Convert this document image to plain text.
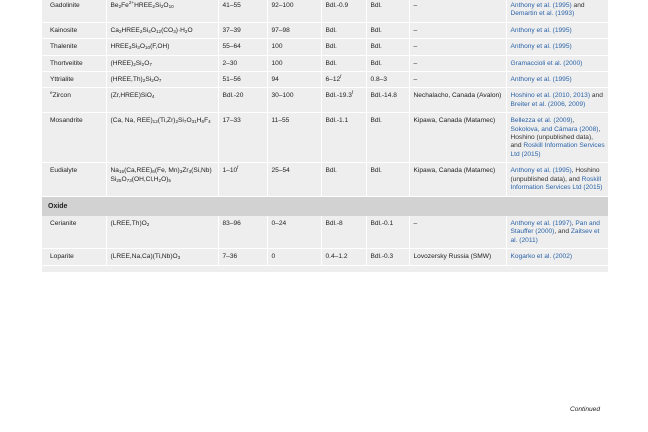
Gadolinite	$Be_2Fe^{2+}HREE_2Si_2O_{10}$	41–55	92–100	Bdl.-0.9	Bdl.	–	Anthony et al. (1995) and Demartin et al. (1993)
Kainosite	$Ca_2HREE_2Si_4O_{12}(CO_3)\cdot H_2O$	37–39	97–98	Bdl.	Bdl.	–	Anthony et al. (1995)
Thalenite	$HREE_3Si_3O_{10}(F,OH)$	55–64	100	Bdl.	Bdl.	–	Anthony et al. (1995)
Thortveitite	$(HREE)_2Si_2O_7$	2–30	100	Bdl.	Bdl.	–	Gramaccioli et al. (2000)
Yttrialite	$(HREE,Th)_2Si_2O_7$	51–56	94	6–12$^f$	0.8–3	–	Anthony et al. (1995)
$^e$Zircon	(Zr,HREE)SiO$_4$	Bdl.-20	30–100	Bdl.-19.3$^f$	Bdl.-14.8	Nechalacho, Canada (Avalon)	Hoshino et al. (2010, 2013) and Breiter et al. (2006, 2009)
Mosandrite	(Ca, Na, $REE)_{12}(Ti,Zr)_2Si_7O_{31}H_6F_4$	17–33	11–55	Bdl.-1.1	Bdl.	Kipawa, Canada (Matamec)	Bellezza et al. (2009), Sokolova, and Cámara (2008), Hoshino (unpublished data), and Roskill Information Services Ltd (2015)
Eudialyte	$Na_{15}(Ca,REE)_6(Fe$, $Mn)_3Zr_3(Si,Nb)$ $Si_{25}O_{73}(OH,Cl,H_2O)_5$	1–10$^f$	25–54	Bdl.	Bdl.	Kipawa, Canada (Matamec)	Anthony et al. (1995), Hoshino (unpublished data), and Roskill Information Services Ltd (2015)
Oxide							
Cerianite	$(LREE,Th)O_2$	83–96	0–24	Bdl.-8	Bdl.-0.1	–	Anthony et al. (1997), Pan and Stauffer (2000), and Zaitsev et al. (2011)
Loparite	$(LREE,Na,Ca)(Ti,Nb)O_3$	7–36	0	0.4–1.2	Bdl.-0.3	Lovozersky Russia (SMW)	Kogarko et al. (2002)

Continued
